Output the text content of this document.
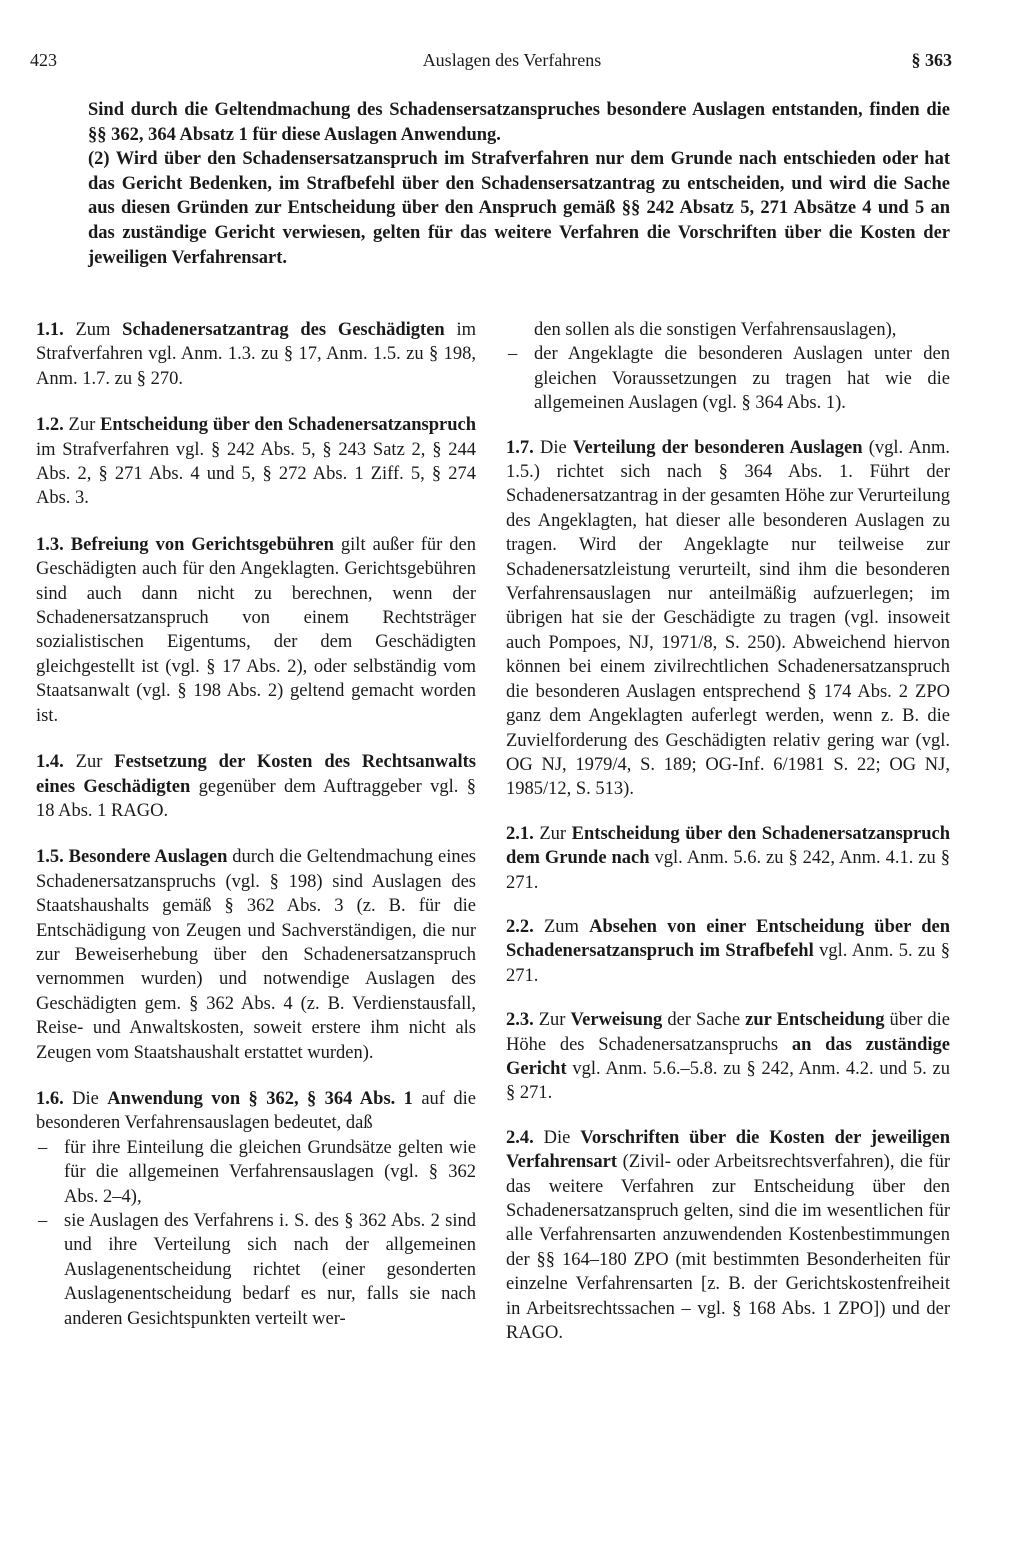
423	Auslagen des Verfahrens	§ 363

Sind durch die Geltendmachung des Schadensersatzanspruches besondere Auslagen entstanden, finden die §§ 362, 364 Absatz 1 für diese Auslagen Anwendung.

(2) Wird über den Schadensersatzanspruch im Strafverfahren nur dem Grunde nach entschieden oder hat das Gericht Bedenken, im Strafbefehl über den Schadensersatzantrag zu entscheiden, und wird die Sache aus diesen Gründen zur Entscheidung über den Anspruch gemäß §§ 242 Absatz 5, 271 Absätze 4 und 5 an das zuständige Gericht verwiesen, gelten für das weitere Verfahren die Vorschriften über die Kosten der jeweiligen Verfahrensart.

1.1. Zum Schadenersatzantrag des Geschädigten im Strafverfahren vgl. Anm. 1.3. zu § 17, Anm. 1.5. zu § 198, Anm. 1.7. zu § 270.

1.2. Zur Entscheidung über den Schadenersatzanspruch im Strafverfahren vgl. § 242 Abs. 5, § 243 Satz 2, § 244 Abs. 2, § 271 Abs. 4 und 5, § 272 Abs. 1 Ziff. 5, § 274 Abs. 3.

1.3. Befreiung von Gerichtsgebühren gilt außer für den Geschädigten auch für den Angeklagten. Gerichtsgebühren sind auch dann nicht zu berechnen, wenn der Schadenersatzanspruch von einem Rechtsträger sozialistischen Eigentums, der dem Geschädigten gleichgestellt ist (vgl. § 17 Abs. 2), oder selbständig vom Staatsanwalt (vgl. § 198 Abs. 2) geltend gemacht worden ist.

1.4. Zur Festsetzung der Kosten des Rechtsanwalts eines Geschädigten gegenüber dem Auftraggeber vgl. § 18 Abs. 1 RAGO.

1.5. Besondere Auslagen durch die Geltendmachung eines Schadenersatzanspruchs (vgl. § 198) sind Auslagen des Staatshaushalts gemäß § 362 Abs. 3 (z. B. für die Entschädigung von Zeugen und Sachverständigen, die nur zur Beweiserhebung über den Schadenersatzanspruch vernommen wurden) und notwendige Auslagen des Geschädigten gem. § 362 Abs. 4 (z. B. Verdienstausfall, Reise- und Anwaltskosten, soweit erstere ihm nicht als Zeugen vom Staatshaushalt erstattet wurden).

1.6. Die Anwendung von § 362, § 364 Abs. 1 auf die besonderen Verfahrensauslagen bedeutet, daß

– für ihre Einteilung die gleichen Grundsätze gelten wie für die allgemeinen Verfahrensauslagen (vgl. § 362 Abs. 2–4),
– sie Auslagen des Verfahrens i. S. des § 362 Abs. 2 sind und ihre Verteilung sich nach der allgemeinen Auslagenentscheidung richtet (einer gesonderten Auslagenentscheidung bedarf es nur, falls sie nach anderen Gesichtspunkten verteilt wer-

den sollen als die sonstigen Verfahrensauslagen),

– der Angeklagte die besonderen Auslagen unter den gleichen Voraussetzungen zu tragen hat wie die allgemeinen Auslagen (vgl. § 364 Abs. 1).

1.7. Die Verteilung der besonderen Auslagen (vgl. Anm. 1.5.) richtet sich nach § 364 Abs. 1. Führt der Schadenersatzantrag in der gesamten Höhe zur Verurteilung des Angeklagten, hat dieser alle besonderen Auslagen zu tragen. Wird der Angeklagte nur teilweise zur Schadenersatzleistung verurteilt, sind ihm die besonderen Verfahrensauslagen nur anteilmäßig aufzuerlegen; im übrigen hat sie der Geschädigte zu tragen (vgl. insoweit auch Pompoes, NJ, 1971/8, S. 250). Abweichend hiervon können bei einem zivilrechtlichen Schadenersatzanspruch die besonderen Auslagen entsprechend § 174 Abs. 2 ZPO ganz dem Angeklagten auferlegt werden, wenn z. B. die Zuvielforderung des Geschädigten relativ gering war (vgl. OG NJ, 1979/4, S. 189; OG-Inf. 6/1981 S. 22; OG NJ, 1985/12, S. 513).

2.1. Zur Entscheidung über den Schadenersatzanspruch dem Grunde nach vgl. Anm. 5.6. zu § 242, Anm. 4.1. zu § 271.

2.2. Zum Absehen von einer Entscheidung über den Schadenersatzanspruch im Strafbefehl vgl. Anm. 5. zu § 271.

2.3. Zur Verweisung der Sache zur Entscheidung über die Höhe des Schadenersatzanspruchs an das zuständige Gericht vgl. Anm. 5.6.–5.8. zu § 242, Anm. 4.2. und 5. zu § 271.

2.4. Die Vorschriften über die Kosten der jeweiligen Verfahrensart (Zivil- oder Arbeitsrechtsverfahren), die für das weitere Verfahren zur Entscheidung über den Schadenersatzanspruch gelten, sind die im wesentlichen für alle Verfahrensarten anzuwendenden Kostenbestimmungen der §§ 164–180 ZPO (mit bestimmten Besonderheiten für einzelne Verfahrensarten [z. B. der Gerichtskostenfreiheit in Arbeitsrechtssachen – vgl. § 168 Abs. 1 ZPO]) und der RAGO.
